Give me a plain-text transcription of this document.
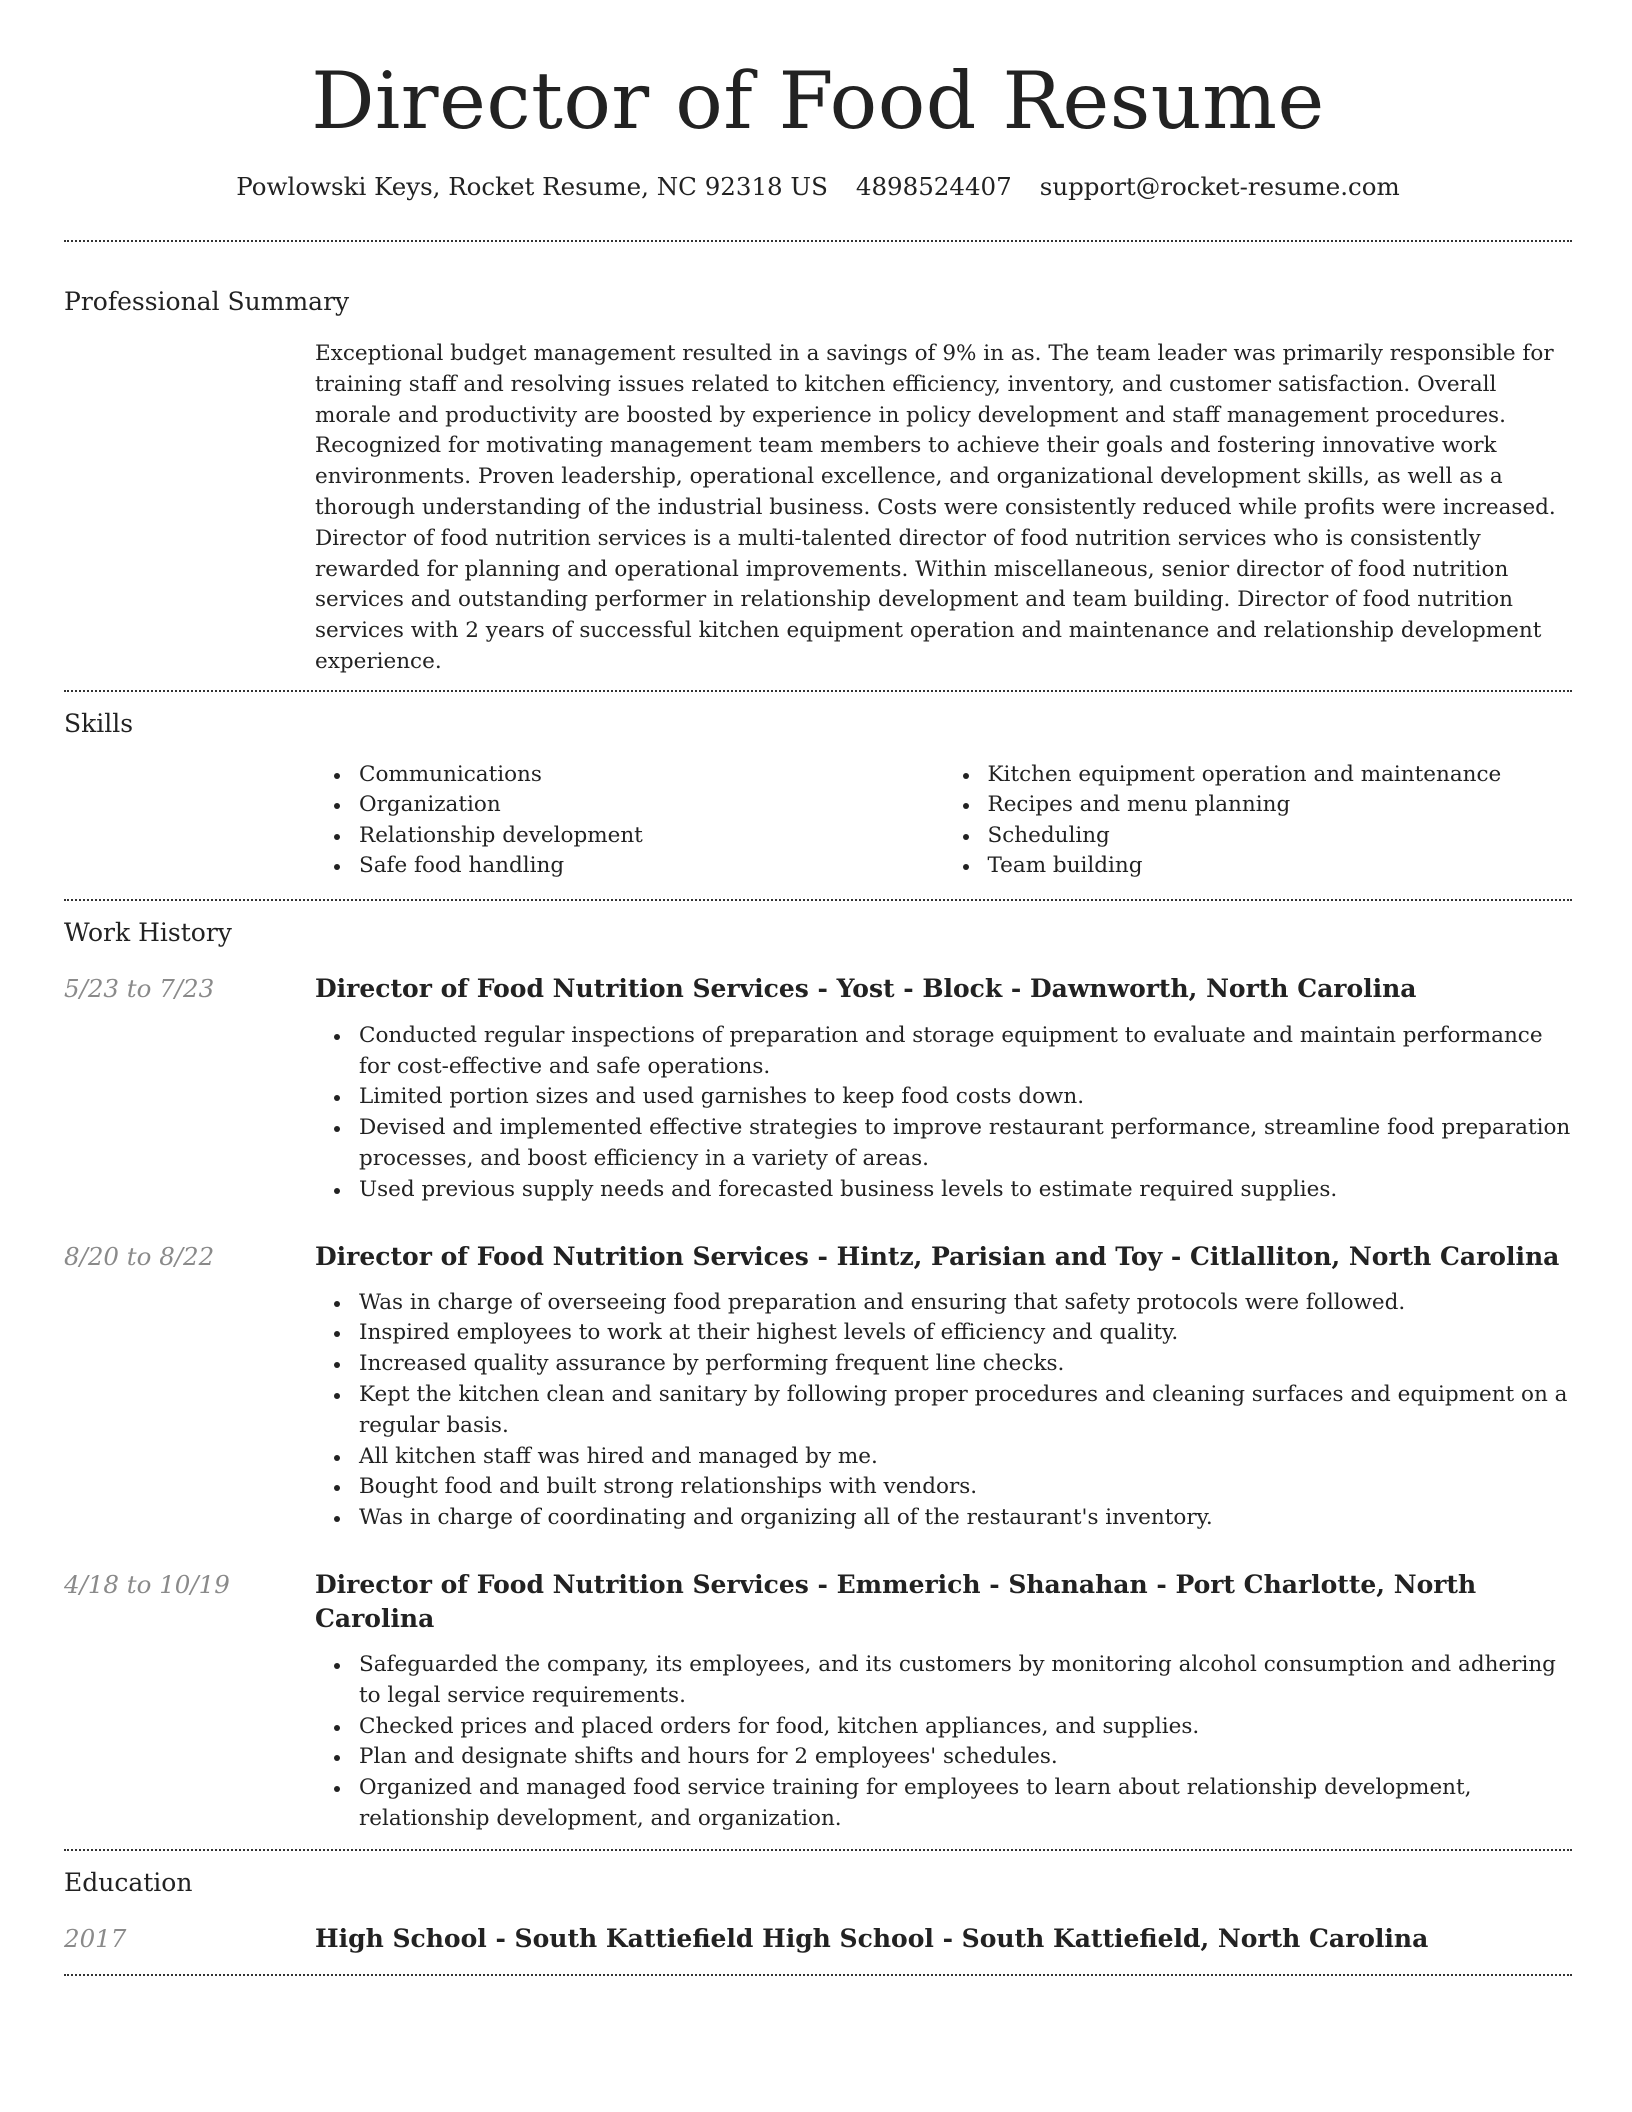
Director of Food Resume
Powlowski Keys, Rocket Resume, NC 92318 US 4898524407 support@rocket-resume.com
Professional Summary

Exceptional budget management resulted in a savings of 9% in as. The team leader was primarily responsible for training staff and resolving issues related to kitchen efficiency, inventory, and customer satisfaction. Overall morale and productivity are boosted by experience in policy development and staff management procedures. Recognized for motivating management team members to achieve their goals and fostering innovative work environments. Proven leadership, operational excellence, and organizational development skills, as well as a thorough understanding of the industrial business. Costs were consistently reduced while profits were increased. Director of food nutrition services is a multi-talented director of food nutrition services who is consistently rewarded for planning and operational improvements. Within miscellaneous, senior director of food nutrition services and outstanding performer in relationship development and team building. Director of food nutrition services with 2 years of successful kitchen equipment operation and maintenance and relationship development experience.

Skills
Communications
Organization
Relationship development
Safe food handling
Kitchen equipment operation and maintenance
Recipes and menu planning
Scheduling
Team building
Work History
5/23 to 7/23	Director of Food Nutrition Services - Yost - Block - Dawnworth, North Carolina
Conducted regular inspections of preparation and storage equipment to evaluate and maintain performance for cost-effective and safe operations.
Limited portion sizes and used garnishes to keep food costs down.
Devised and implemented effective strategies to improve restaurant performance, streamline food preparation processes, and boost efficiency in a variety of areas.
Used previous supply needs and forecasted business levels to estimate required supplies.
8/20 to 8/22	Director of Food Nutrition Services - Hintz, Parisian and Toy - Citlalliton, North Carolina
Was in charge of overseeing food preparation and ensuring that safety protocols were followed.
Inspired employees to work at their highest levels of efficiency and quality.
Increased quality assurance by performing frequent line checks.
Kept the kitchen clean and sanitary by following proper procedures and cleaning surfaces and equipment on a regular basis.
All kitchen staff was hired and managed by me.
Bought food and built strong relationships with vendors.
Was in charge of coordinating and organizing all of the restaurant's inventory.
4/18 to 10/19	Director of Food Nutrition Services - Emmerich - Shanahan - Port Charlotte, North Carolina
Safeguarded the company, its employees, and its customers by monitoring alcohol consumption and adhering to legal service requirements.
Checked prices and placed orders for food, kitchen appliances, and supplies.
Plan and designate shifts and hours for 2 employees' schedules.
Organized and managed food service training for employees to learn about relationship development, relationship development, and organization.
Education
2017	High School - South Kattiefield High School - South Kattiefield, North Carolina
